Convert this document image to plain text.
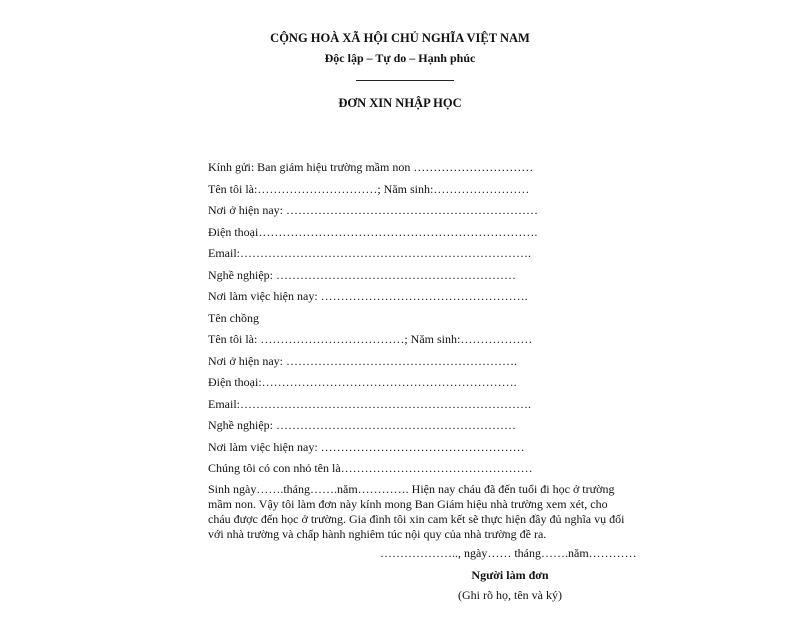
CỘNG HOÀ XÃ HỘI CHỦ NGHĨA VIỆT NAM
Độc lập – Tự do – Hạnh phúc
ĐƠN XIN NHẬP HỌC
Kính gửi: Ban giám hiệu trường mầm non …………………………
Tên tôi là:…………………………; Năm sinh:……………………
Nơi ở hiện nay: ………………………………………………………
Điện thoại…………………………………………………………….
Email:……………………………………………………………….
Nghề nghiệp: ……………………………………………………
Nơi làm việc hiện nay: …………………………………………….
Tên chồng
Tên tôi là: ………………………………; Năm sinh:………………
Nơi ở hiện nay: ………………………………………………….
Điện thoại:……………………………………………………….
Email:……………………………………………………………….
Nghề nghiệp: ……………………………………………………
Nơi làm việc hiện nay: ……………………………………………
Chúng tôi có con nhỏ tên là…………………………………………

Sinh ngày…….tháng…….năm…………. Hiện nay cháu đã đến tuổi đi học ở trường mầm non. Vậy tôi làm đơn này kính mong Ban Giám hiệu nhà trường xem xét, cho cháu được đến học ở trường. Gia đình tôi xin cam kết sẽ thực hiện đầy đủ nghĩa vụ đối với nhà trường và chấp hành nghiêm túc nội quy của nhà trường đề ra.

……………….., ngày…… tháng…….năm…………
Người làm đơn
(Ghi rõ họ, tên và ký)
